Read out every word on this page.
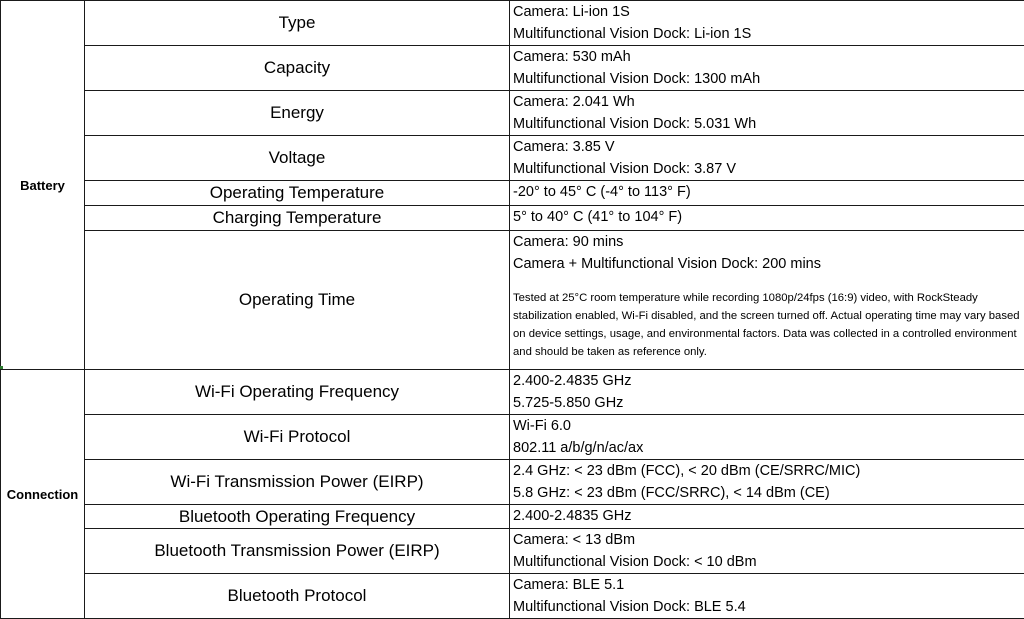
Battery	Type	Camera: Li-ion 1S
Multifunctional Vision Dock: Li-ion 1S

	Capacity	Camera: 530 mAh
Multifunctional Vision Dock: 1300 mAh

	Energy	Camera: 2.041 Wh
Multifunctional Vision Dock: 5.031 Wh

	Voltage	Camera: 3.85 V
Multifunctional Vision Dock: 3.87 V

	Operating Temperature	-20° to 45° C (-4° to 113° F)

	Charging Temperature	5° to 40° C (41° to 104° F)

	Operating Time	Camera: 90 mins
Camera + Multifunctional Vision Dock: 200 mins
Tested at 25°C room temperature while recording 1080p/24fps (16:9) video, with RockSteady stabilization enabled, Wi-Fi disabled, and the screen turned off. Actual operating time may vary based on device settings, usage, and environmental factors. Data was collected in a controlled environment and should be taken as reference only.

Connection	Wi-Fi Operating Frequency	2.400-2.4835 GHz
5.725-5.850 GHz

	Wi-Fi Protocol	Wi-Fi 6.0
802.11 a/b/g/n/ac/ax

	Wi-Fi Transmission Power (EIRP)	2.4 GHz: < 23 dBm (FCC), < 20 dBm (CE/SRRC/MIC)
5.8 GHz: < 23 dBm (FCC/SRRC), < 14 dBm (CE)

	Bluetooth Operating Frequency	2.400-2.4835 GHz

	Bluetooth Transmission Power (EIRP)	Camera: < 13 dBm
Multifunctional Vision Dock: < 10 dBm

	Bluetooth Protocol	Camera: BLE 5.1
Multifunctional Vision Dock: BLE 5.4
